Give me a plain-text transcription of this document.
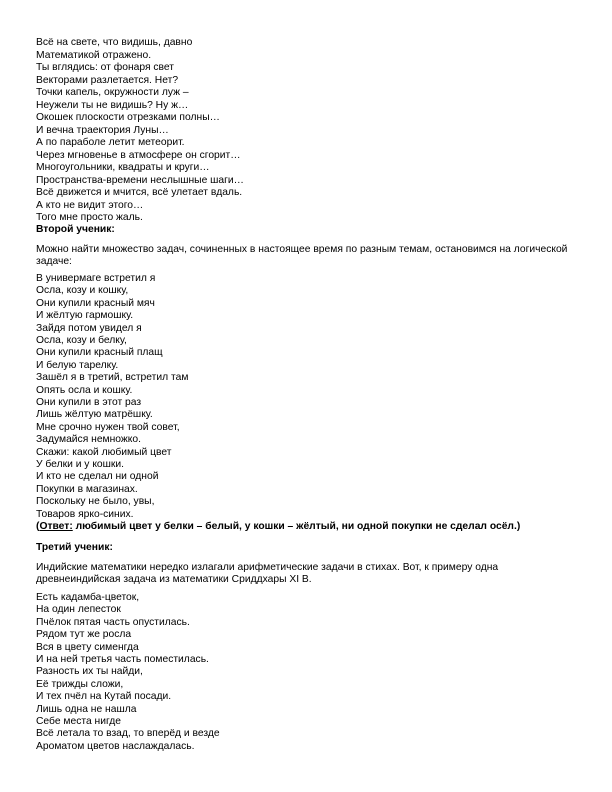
Всё на свете, что видишь, давно
Математикой отражено.
Ты вглядись: от фонаря свет
Векторами разлетается. Нет?
Точки капель, окружности луж –
Неужели ты не видишь? Ну ж…
Окошек плоскости отрезками полны…
И вечна траектория Луны…
А по параболе летит метеорит.
Через мгновенье в атмосфере он сгорит…
Многоугольники, квадраты и круги…
Пространства-времени неслышные шаги…
Всё движется и мчится, всё улетает вдаль.
А кто не видит этого…
Того мне просто жаль.
Второй ученик:
Можно найти множество задач, сочиненных в настоящее время по разным темам, остановимся на логической
задаче:
В универмаге встретил я
Осла, козу и кошку,
Они купили красный мяч
И жёлтую гармошку.
Зайдя потом увидел я
Осла, козу и белку,
Они купили красный плащ
И белую тарелку.
Зашёл я в третий, встретил там
Опять осла и кошку.
Они купили в этот раз
Лишь жёлтую матрёшку.
Мне срочно нужен твой совет,
Задумайся немножко.
Скажи: какой любимый цвет
У белки и у кошки.
И кто не сделал ни одной
Покупки в магазинах.
Поскольку не было, увы,
Товаров ярко-синих.
(Ответ: любимый цвет у белки – белый, у кошки – жёлтый, ни одной покупки не сделал осёл.)
Третий ученик:
Индийские математики нередко излагали арифметические задачи в стихах. Вот, к примеру одна
древнеиндийская задача из математики Сриддхары XI В.
Есть кадамба-цветок,
На один лепесток
Пчёлок пятая часть опустилась.
Рядом тут же росла
Вся в цвету сименгда
И на ней третья часть поместилась.
Разность их ты найди,
Её трижды сложи,
И тех пчёл на Кутай посади.
Лишь одна не нашла
Себе места нигде
Всё летала то взад, то вперёд и везде
Ароматом цветов наслаждалась.
